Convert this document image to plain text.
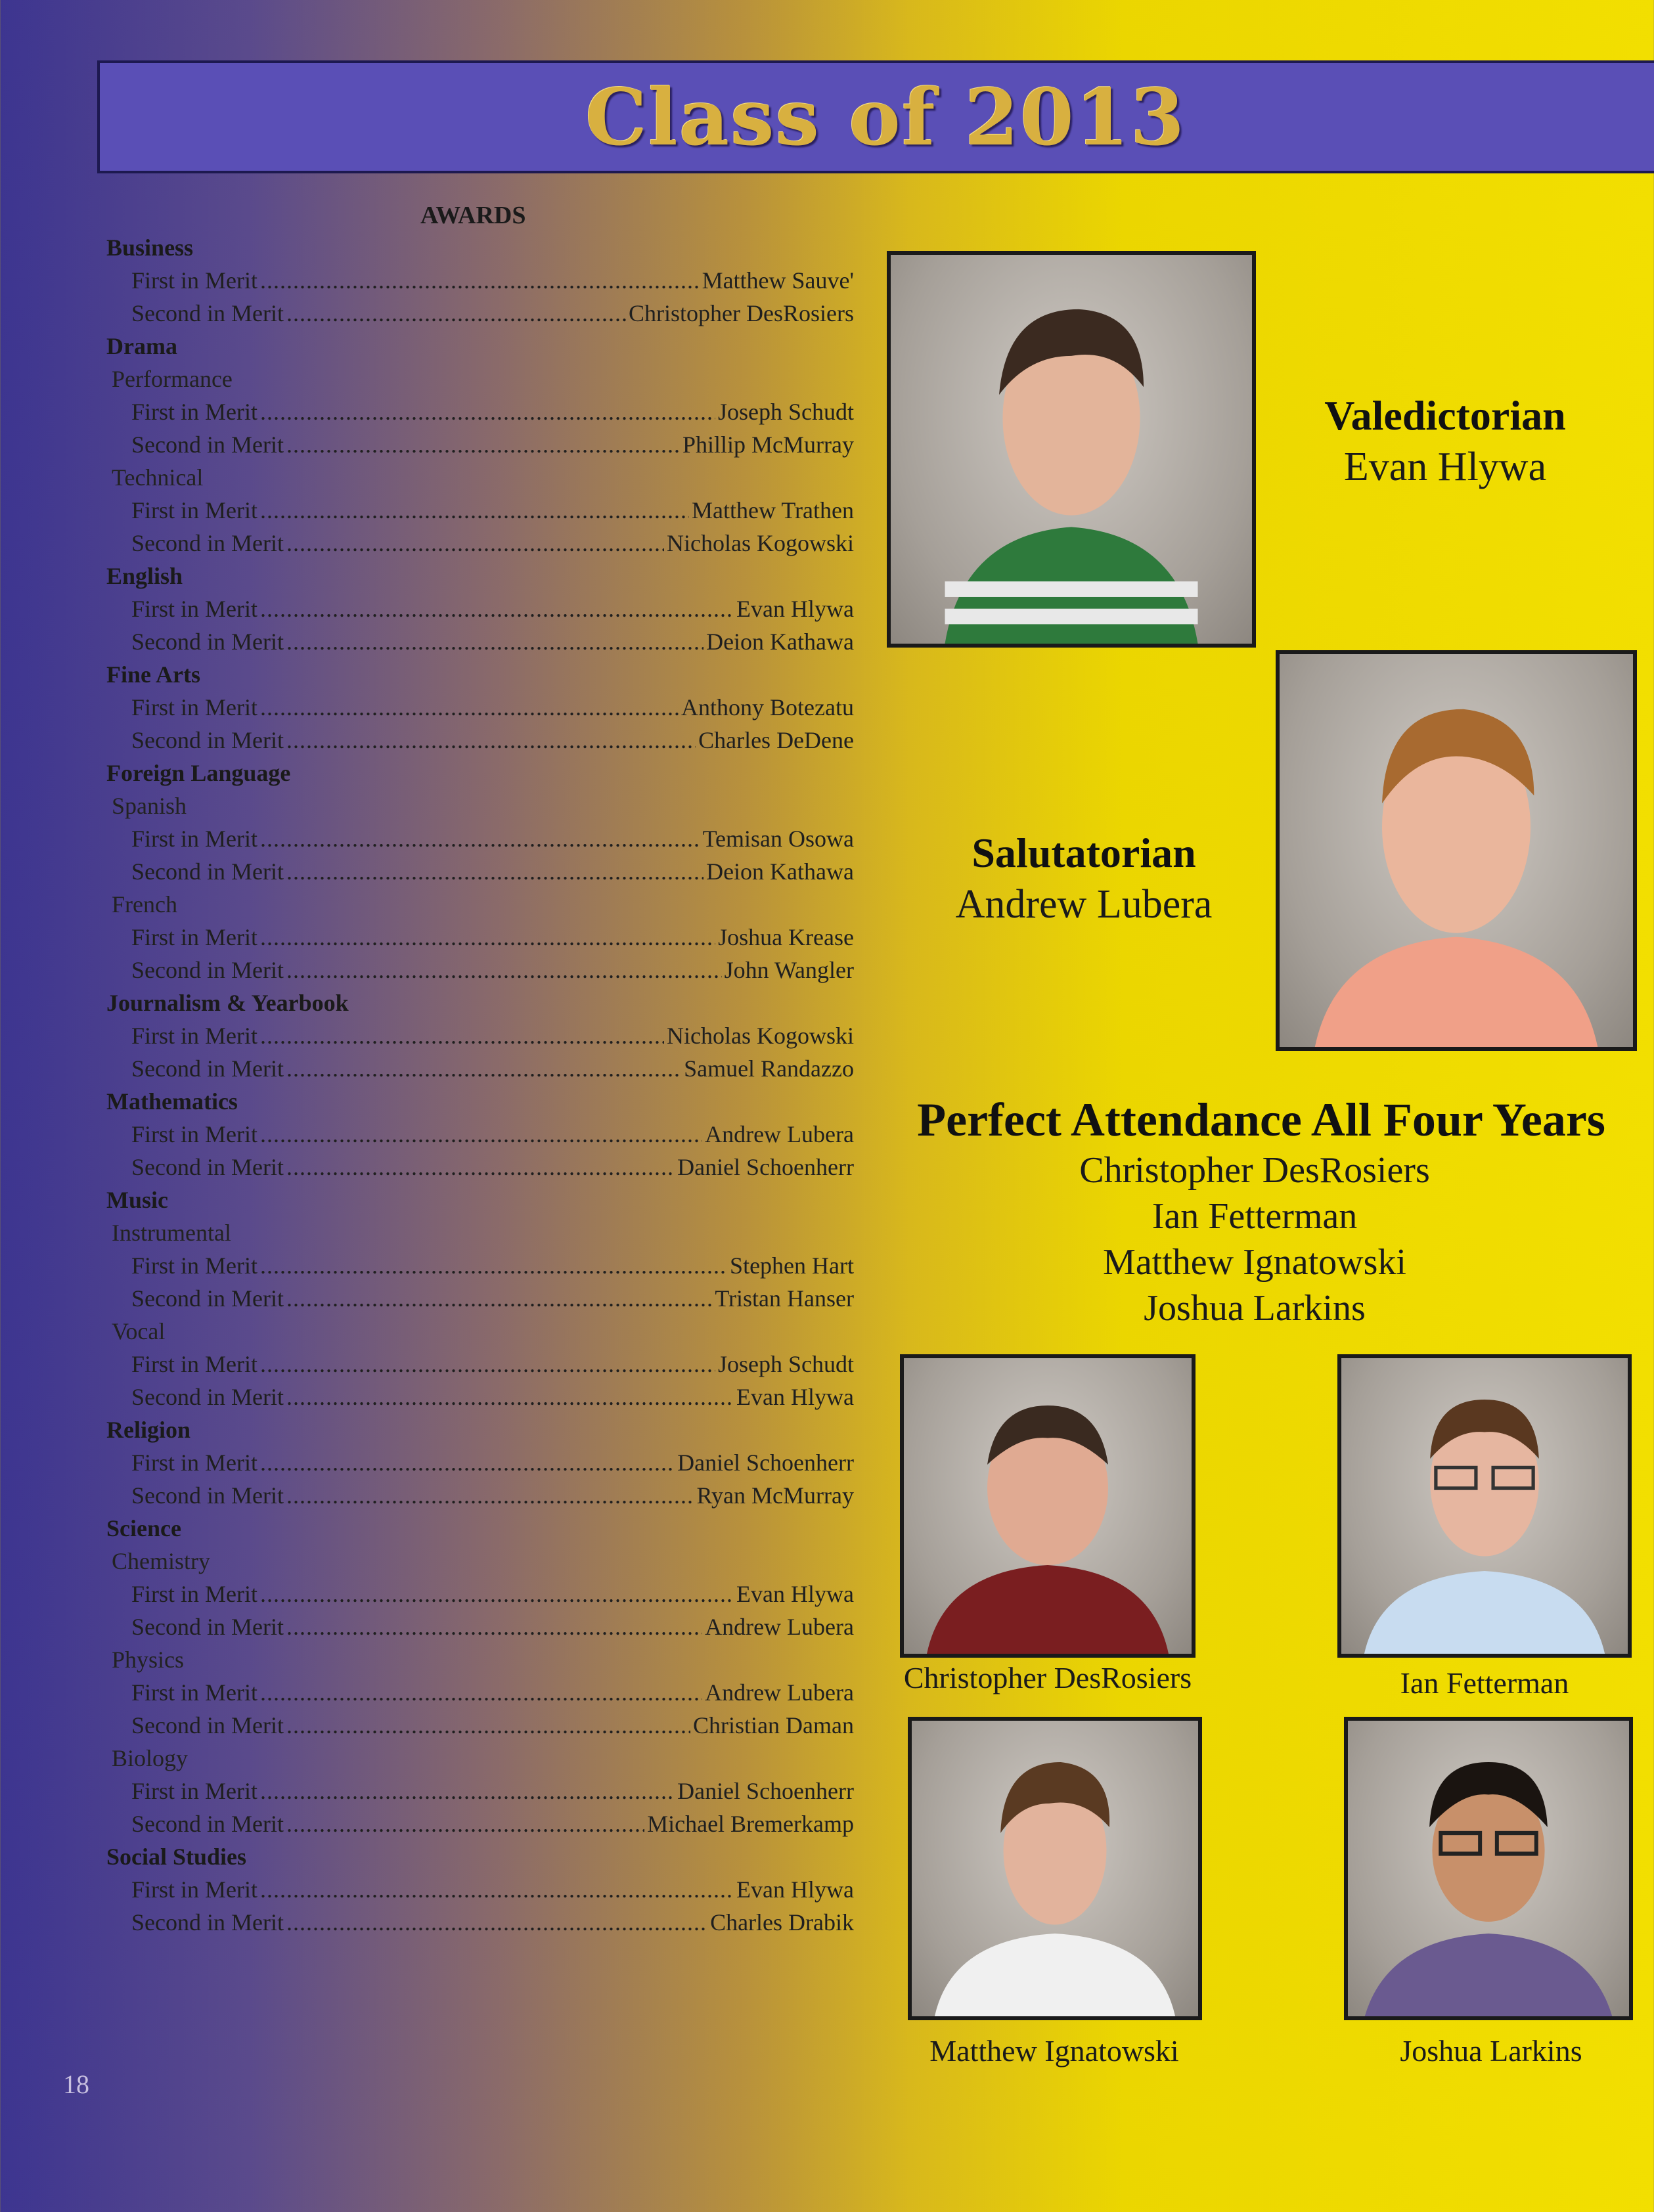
Class of 2013
AWARDS
Business
First in Merit .....	Matthew Sauve'
Second in Merit .....	Christopher DesRosiers
Drama
Performance
First in Merit .....	Joseph Schudt
Second in Merit .....	Phillip McMurray
Technical
First in Merit .....	Matthew Trathen
Second in Merit .....	Nicholas Kogowski
English
First in Merit .....	Evan Hlywa
Second in Merit .....	Deion Kathawa
Fine Arts
First in Merit .....	Anthony Botezatu
Second in Merit .....	Charles DeDene
Foreign Language
Spanish
First in Merit .....	Temisan Osowa
Second in Merit .....	Deion Kathawa
French
First in Merit .....	Joshua Krease
Second in Merit .....	John Wangler
Journalism & Yearbook
First in Merit .....	Nicholas Kogowski
Second in Merit .....	Samuel Randazzo
Mathematics
First in Merit .....	Andrew Lubera
Second in Merit .....	Daniel Schoenherr
Music
Instrumental
First in Merit .....	Stephen Hart
Second in Merit .....	Tristan Hanser
Vocal
First in Merit .....	Joseph Schudt
Second in Merit .....	Evan Hlywa
Religion
First in Merit .....	Daniel Schoenherr
Second in Merit .....	Ryan McMurray
Science
Chemistry
First in Merit .....	Evan Hlywa
Second in Merit .....	Andrew Lubera
Physics
First in Merit .....	Andrew Lubera
Second in Merit .....	Christian Daman
Biology
First in Merit .....	Daniel Schoenherr
Second in Merit .....	Michael Bremerkamp
Social Studies
First in Merit .....	Evan Hlywa
Second in Merit .....	Charles Drabik
Valedictorian
Evan Hlywa
Salutatorian
Andrew Lubera
Perfect Attendance All Four Years
Christopher DesRosiers
Ian Fetterman
Matthew Ignatowski
Joshua Larkins
Christopher DesRosiers	Ian Fetterman
Matthew Ignatowski	Joshua Larkins
18
